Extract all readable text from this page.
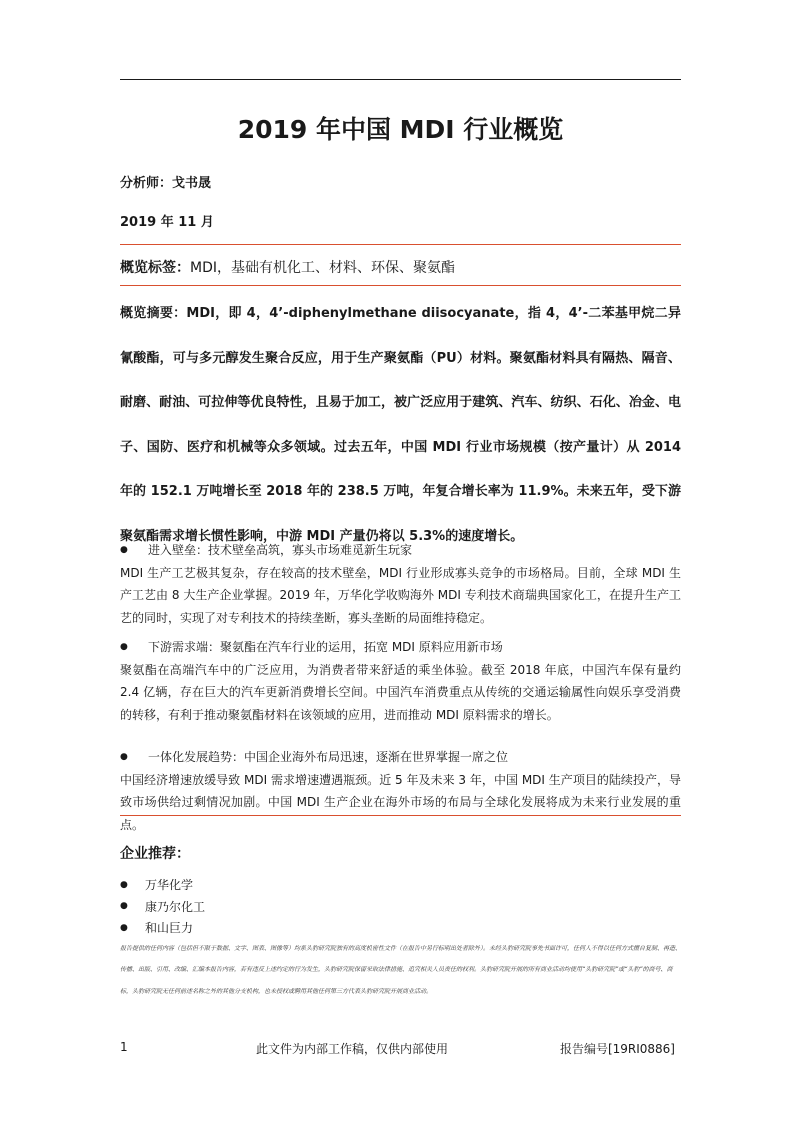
2019 年中国 MDI 行业概览
分析师：戈书晟
2019 年 11 月
概览标签：MDI，基础有机化工、材料、环保、聚氨酯
概览摘要：MDI，即 4，4’-diphenylmethane diisocyanate，指 4，4’-二苯基甲烷二异氰酸酯，可与多元醇发生聚合反应，用于生产聚氨酯（PU）材料。聚氨酯材料具有隔热、隔音、耐磨、耐油、可拉伸等优良特性，且易于加工，被广泛应用于建筑、汽车、纺织、石化、冶金、电子、国防、医疗和机械等众多领域。过去五年，中国 MDI 行业市场规模（按产量计）从 2014 年的 152.1 万吨增长至 2018 年的 238.5 万吨，年复合增长率为 11.9%。未来五年，受下游聚氨酯需求增长惯性影响，中游 MDI 产量仍将以 5.3%的速度增长。
●	进入壁垒：技术壁垒高筑，寡头市场难觅新生玩家
MDI 生产工艺极其复杂，存在较高的技术壁垒，MDI 行业形成寡头竞争的市场格局。目前，全球 MDI 生产工艺由 8 大生产企业掌握。2019 年，万华化学收购海外 MDI 专利技术商瑞典国家化工，在提升生产工艺的同时，实现了对专利技术的持续垄断，寡头垄断的局面维持稳定。
●	下游需求端：聚氨酯在汽车行业的运用，拓宽 MDI 原料应用新市场
聚氨酯在高端汽车中的广泛应用，为消费者带来舒适的乘坐体验。截至 2018 年底，中国汽车保有量约 2.4 亿辆，存在巨大的汽车更新消费增长空间。中国汽车消费重点从传统的交通运输属性向娱乐享受消费的转移，有利于推动聚氨酯材料在该领域的应用，进而推动 MDI 原料需求的增长。
●	一体化发展趋势：中国企业海外布局迅速，逐渐在世界掌握一席之位
中国经济增速放缓导致 MDI 需求增速遭遇瓶颈。近 5 年及未来 3 年，中国 MDI 生产项目的陆续投产，导致市场供给过剩情况加剧。中国 MDI 生产企业在海外市场的布局与全球化发展将成为未来行业发展的重点。
企业推荐：
●	万华化学
●	康乃尔化工
●	和山巨力
报告提供的任何内容（包括但不限于数据、文字、图表、图像等）均系头豹研究院独有的高度机密性文件（在报告中另行标明出处者除外）。未经头豹研究院事先书面许可，任何人不得以任何方式擅自复制、再造、传播、出版、引用、改编、汇编本报告内容，若有违反上述约定的行为发生，头豹研究院保留采取法律措施、追究相关人员责任的权利。头豹研究院开展的所有商业活动均使用“头豹研究院”或“头豹”的商号、商标，头豹研究院无任何前述名称之外的其他分支机构，也未授权或聘用其他任何第三方代表头豹研究院开展商业活动。
1	此文件为内部工作稿，仅供内部使用	报告编号[19RI0886]
